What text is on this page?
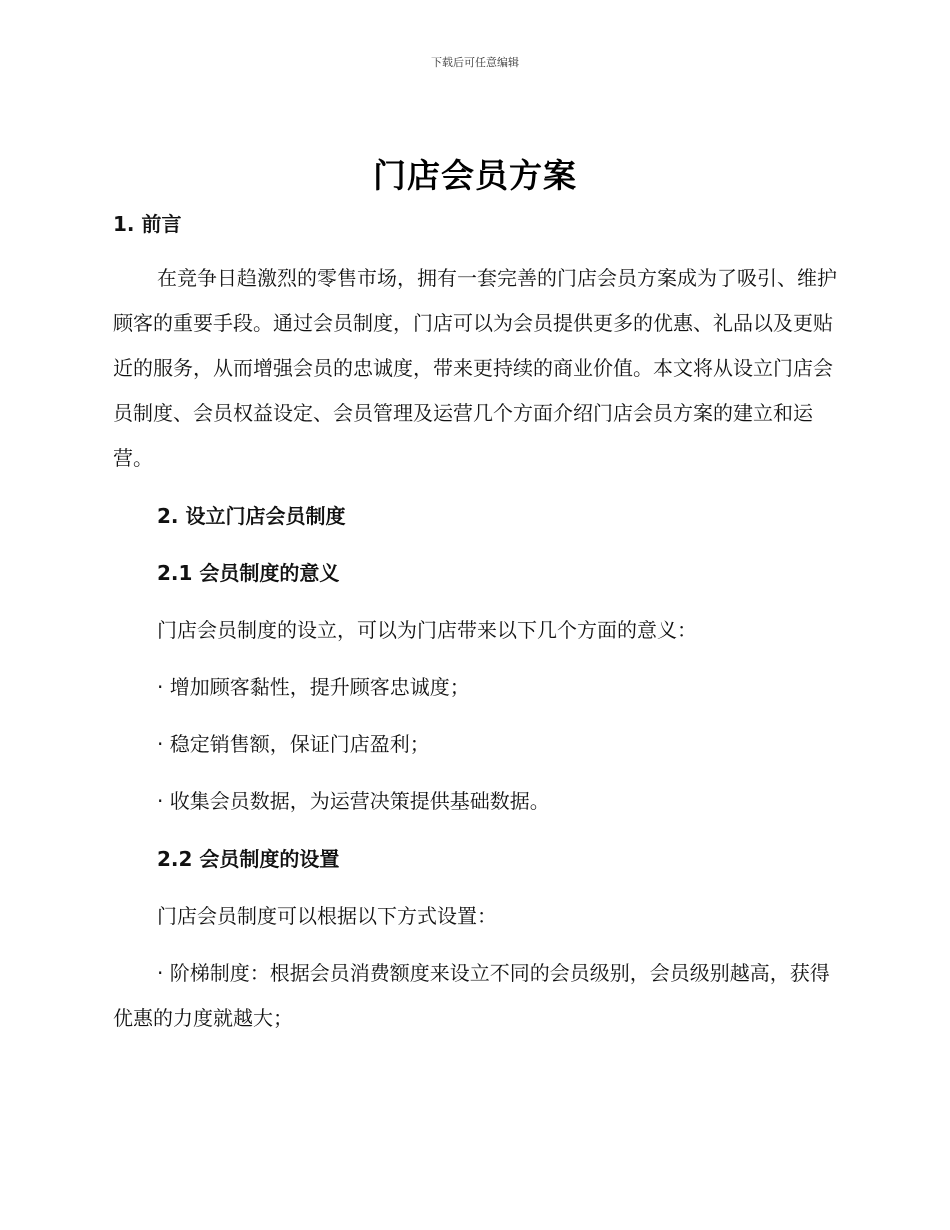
下载后可任意编辑
门店会员方案

1. 前言

在竞争日趋激烈的零售市场，拥有一套完善的门店会员方案成为了吸引、维护顾客的重要手段。通过会员制度，门店可以为会员提供更多的优惠、礼品以及更贴近的服务，从而增强会员的忠诚度，带来更持续的商业价值。本文将从设立门店会员制度、会员权益设定、会员管理及运营几个方面介绍门店会员方案的建立和运营。

2. 设立门店会员制度

2.1 会员制度的意义

门店会员制度的设立，可以为门店带来以下几个方面的意义：

· 增加顾客黏性，提升顾客忠诚度；

· 稳定销售额，保证门店盈利；

· 收集会员数据，为运营决策提供基础数据。

2.2 会员制度的设置

门店会员制度可以根据以下方式设置：

· 阶梯制度：根据会员消费额度来设立不同的会员级别，会员级别越高，获得优惠的力度就越大；
